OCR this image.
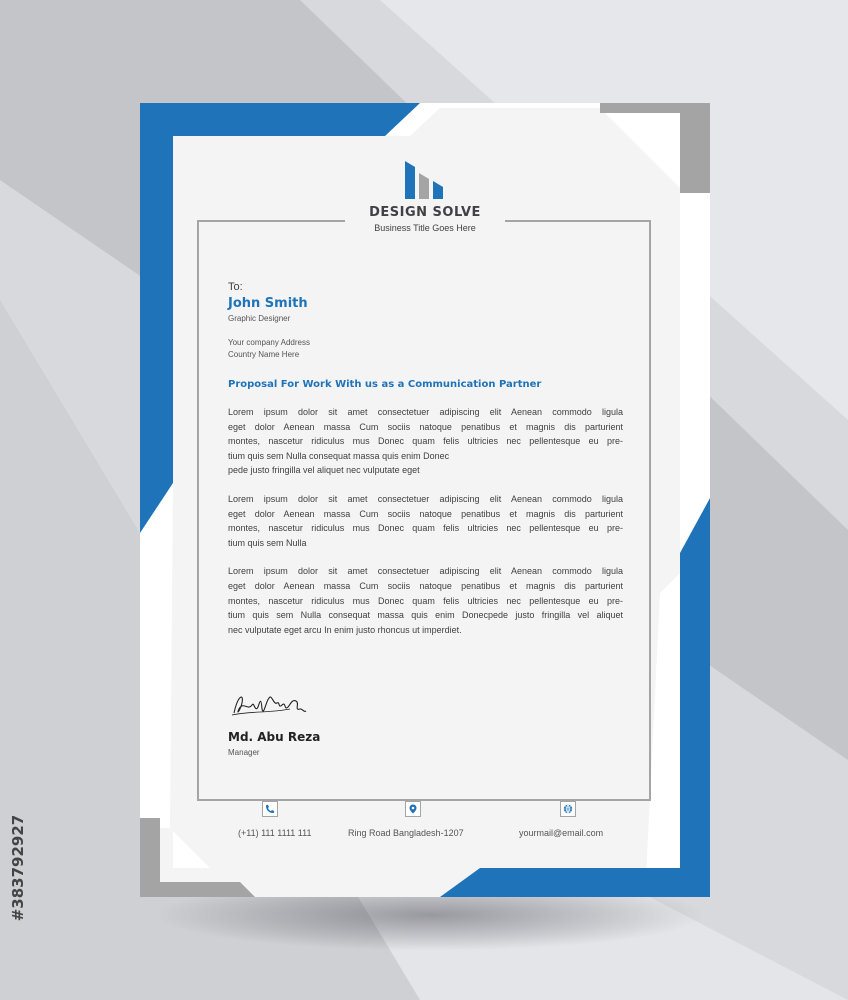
DESIGN SOLVE
Business Title Goes Here
To:
John Smith
Graphic Designer
Your company Address
Country Name Here
Proposal For Work With us as a Communication Partner
Lorem ipsum dolor sit amet consectetuer adipiscing elit Aenean commodo ligula
eget dolor Aenean massa Cum sociis natoque penatibus et magnis dis parturient
montes, nascetur ridiculus mus Donec quam felis ultricies nec pellentesque eu pre-
tium quis sem Nulla consequat massa quis enim Donec
pede justo fringilla vel aliquet nec vulputate eget
Lorem ipsum dolor sit amet consectetuer adipiscing elit Aenean commodo ligula
eget dolor Aenean massa Cum sociis natoque penatibus et magnis dis parturient
montes, nascetur ridiculus mus Donec quam felis ultricies nec pellentesque eu pre-
tium quis sem Nulla
Lorem ipsum dolor sit amet consectetuer adipiscing elit Aenean commodo ligula
eget dolor Aenean massa Cum sociis natoque penatibus et magnis dis parturient
montes, nascetur ridiculus mus Donec quam felis ultricies nec pellentesque eu pre-
tium quis sem Nulla consequat massa quis enim Donecpede justo fringilla vel aliquet
nec vulputate eget arcu In enim justo rhoncus ut imperdiet.
Md. Abu Reza
Manager
(+11) 111 1111 111	Ring Road Bangladesh-1207	yourmail@email.com
#383792927
